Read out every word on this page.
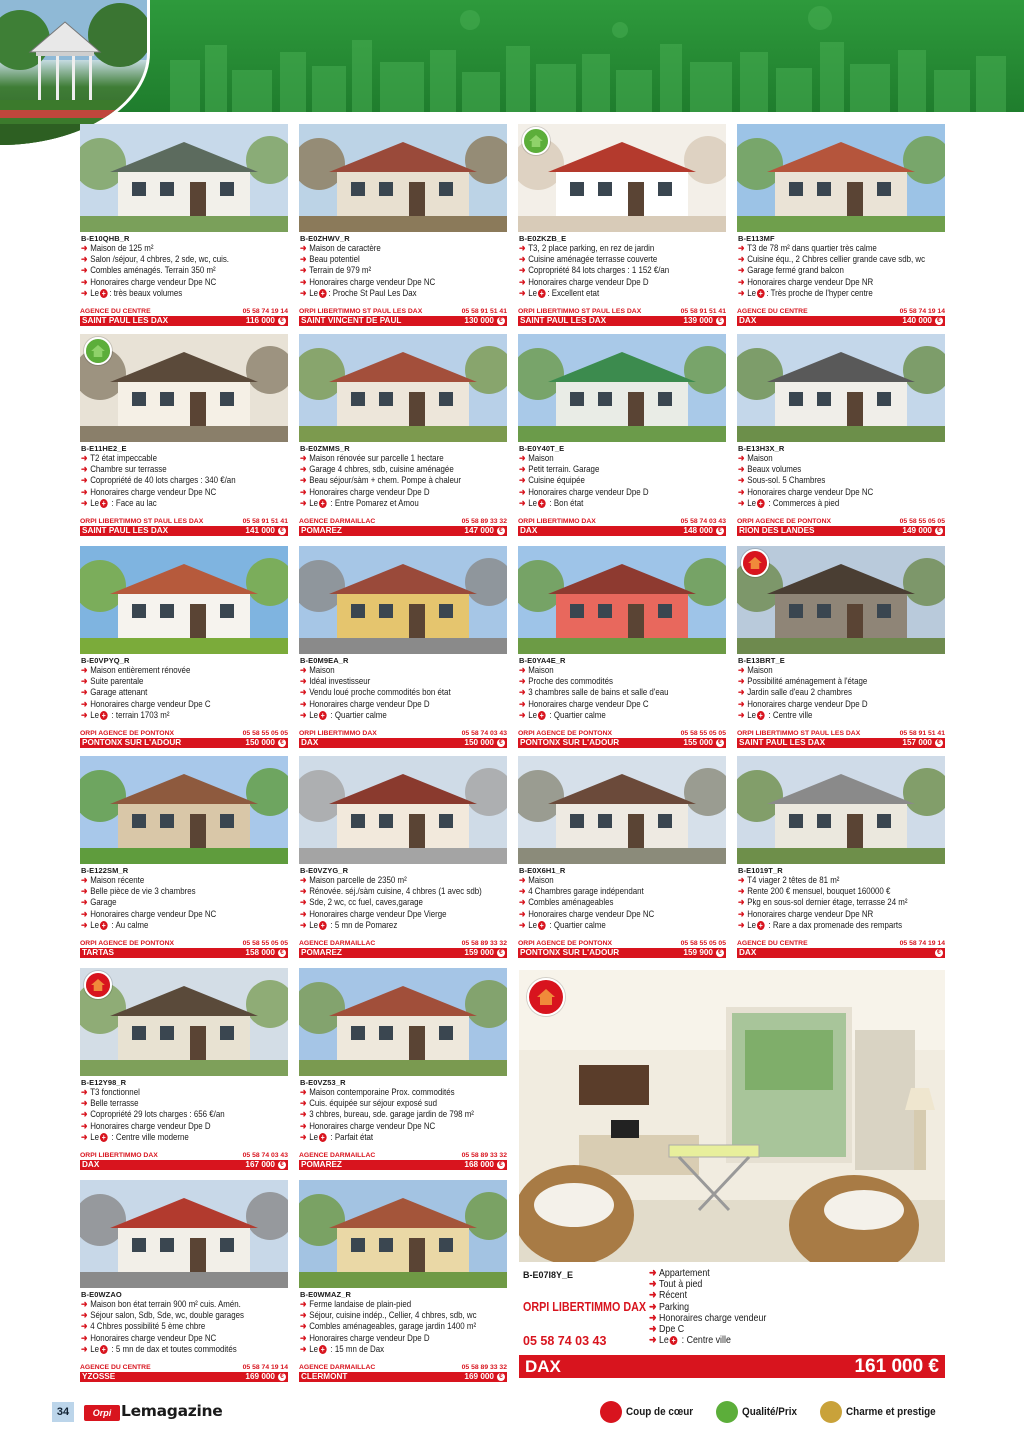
B-E10QHB_R
➜ Maison de 125 m²
➜ Salon /séjour, 4 chbres, 2 sde, wc, cuis.
➜ Combles aménagés. Terrain 350 m²
➜ Honoraires charge vendeur Dpe NC
➜ Le + : très beaux volumes
AGENCE DU CENTRE	05 58 74 19 14
SAINT PAUL LES DAX	116 000 €
B-E0ZHWV_R
➜ Maison de caractère
➜ Beau potentiel
➜ Terrain de 979 m²
➜ Honoraires charge vendeur Dpe NC
➜ Le + : Proche St Paul Les Dax
ORPI LIBERTIMMO ST PAUL LES DAX	05 58 91 51 41
SAINT VINCENT DE PAUL	130 000 €
B-E0ZKZB_E
➜ T3, 2 place parking, en rez de jardin
➜ Cuisine aménagée terrasse couverte
➜ Copropriété 84 lots charges : 1 152 €/an
➜ Honoraires charge vendeur Dpe D
➜ Le + : Excellent etat
ORPI LIBERTIMMO ST PAUL LES DAX	05 58 91 51 41
SAINT PAUL LES DAX	139 000 €
B-E113MF
➜ T3 de 78 m² dans quartier très calme
➜ Cuisine équ., 2 Chbres cellier grande cave sdb, wc
➜ Garage fermé grand balcon
➜ Honoraires charge vendeur Dpe NR
➜ Le + : Très proche de l'hyper centre
AGENCE DU CENTRE	05 58 74 19 14
DAX	140 000 €
B-E11HE2_E
➜ T2 état impeccable
➜ Chambre sur terrasse
➜ Copropriété de 40 lots charges : 340 €/an
➜ Honoraires charge vendeur Dpe NC
➜ Le + : Face au lac
ORPI LIBERTIMMO ST PAUL LES DAX	05 58 91 51 41
SAINT PAUL LES DAX	141 000 €
B-E0ZMMS_R
➜ Maison rénovée sur parcelle 1 hectare
➜ Garage 4 chbres, sdb, cuisine aménagée
➜ Beau séjour/sàm + chem. Pompe à chaleur
➜ Honoraires charge vendeur Dpe D
➜ Le + : Entre Pomarez et Amou
AGENCE DARMAILLAC	05 58 89 33 32
POMAREZ	147 000 €
B-E0Y40T_E
➜ Maison
➜ Petit terrain. Garage
➜ Cuisine équipée
➜ Honoraires charge vendeur Dpe D
➜ Le + : Bon état
ORPI LIBERTIMMO DAX	05 58 74 03 43
DAX	148 000 €
B-E13H3X_R
➜ Maison
➜ Beaux volumes
➜ Sous-sol. 5 Chambres
➜ Honoraires charge vendeur Dpe NC
➜ Le + : Commerces à pied
ORPI AGENCE DE PONTONX	05 58 55 05 05
RION DES LANDES	149 000 €
B-E0VPYQ_R
➜ Maison entièrement rénovée
➜ Suite parentale
➜ Garage attenant
➜ Honoraires charge vendeur Dpe C
➜ Le + : terrain 1703 m²
ORPI AGENCE DE PONTONX	05 58 55 05 05
PONTONX SUR L'ADOUR	150 000 €
B-E0M9EA_R
➜ Maison
➜ Idéal investisseur
➜ Vendu loué proche commodités bon état
➜ Honoraires charge vendeur Dpe D
➜ Le + : Quartier calme
ORPI LIBERTIMMO DAX	05 58 74 03 43
DAX	150 000 €
B-E0YA4E_R
➜ Maison
➜ Proche des commodités
➜ 3 chambres salle de bains et salle d'eau
➜ Honoraires charge vendeur Dpe C
➜ Le + : Quartier calme
ORPI AGENCE DE PONTONX	05 58 55 05 05
PONTONX SUR L'ADOUR	155 000 €
B-E13BRT_E
➜ Maison
➜ Possibilité aménagement à l'étage
➜ Jardin salle d'eau 2 chambres
➜ Honoraires charge vendeur Dpe D
➜ Le + : Centre ville
ORPI LIBERTIMMO ST PAUL LES DAX	05 58 91 51 41
SAINT PAUL LES DAX	157 000 €
B-E122SM_R
➜ Maison récente
➜ Belle pièce de vie 3 chambres
➜ Garage
➜ Honoraires charge vendeur Dpe NC
➜ Le + : Au calme
ORPI AGENCE DE PONTONX	05 58 55 05 05
TARTAS	158 000 €
B-E0VZYG_R
➜ Maison parcelle de 2350 m²
➜ Rénovée. séj./sàm cuisine, 4 chbres (1 avec sdb)
➜ Sde, 2 wc, cc fuel, caves,garage
➜ Honoraires charge vendeur Dpe Vierge
➜ Le + : 5 mn de Pomarez
AGENCE DARMAILLAC	05 58 89 33 32
POMAREZ	159 000 €
B-E0X6H1_R
➜ Maison
➜ 4 Chambres garage indépendant
➜ Combles aménageables
➜ Honoraires charge vendeur Dpe NC
➜ Le + : Quartier calme
ORPI AGENCE DE PONTONX	05 58 55 05 05
PONTONX SUR L'ADOUR	159 900 €
B-E1019T_R
➜ T4 viager 2 têtes de 81 m²
➜ Rente 200 € mensuel, bouquet 160000 €
➜ Pkg en sous-sol dernier étage, terrasse 24 m²
➜ Honoraires charge vendeur Dpe NR
➜ Le + : Rare a dax promenade des remparts
AGENCE DU CENTRE	05 58 74 19 14
DAX	€
B-E12Y98_R
➜ T3 fonctionnel
➜ Belle terrasse
➜ Copropriété 29 lots charges : 656 €/an
➜ Honoraires charge vendeur Dpe D
➜ Le + : Centre ville moderne
ORPI LIBERTIMMO DAX	05 58 74 03 43
DAX	167 000 €
B-E0VZ53_R
➜ Maison contemporaine Prox. commodités
➜ Cuis. équipée sur séjour exposé sud
➜ 3 chbres, bureau, sde. garage jardin de 798 m²
➜ Honoraires charge vendeur Dpe NC
➜ Le + : Parfait état
AGENCE DARMAILLAC	05 58 89 33 32
POMAREZ	168 000 €
B-E0WZAO
➜ Maison bon état terrain 900 m² cuis. Amén.
➜ Séjour salon, Sdb, Sde, wc, double garages
➜ 4 Chbres possibilité 5 ème chbre
➜ Honoraires charge vendeur Dpe NC
➜ Le + : 5 mn de dax et toutes commodités
AGENCE DU CENTRE	05 58 74 19 14
YZOSSE	169 000 €
B-E0WMAZ_R
➜ Ferme landaise de plain-pied
➜ Séjour, cuisine indép., Cellier, 4 chbres, sdb, wc
➜ Combles aménageables, garage jardin 1400 m²
➜ Honoraires charge vendeur Dpe D
➜ Le + : 15 mn de Dax
AGENCE DARMAILLAC	05 58 89 33 32
CLERMONT	169 000 €
B-E07I8Y_E
ORPI LIBERTIMMO DAX
05 58 74 03 43
➜ Appartement
➜ Tout à pied
➜ Récent
➜ Parking
➜ Honoraires charge vendeur
➜ Dpe C
➜ Le + : Centre ville
DAX	161 000 €
34	Orpi Lemagazine	Coup de cœur	Qualité/Prix	Charme et prestige
